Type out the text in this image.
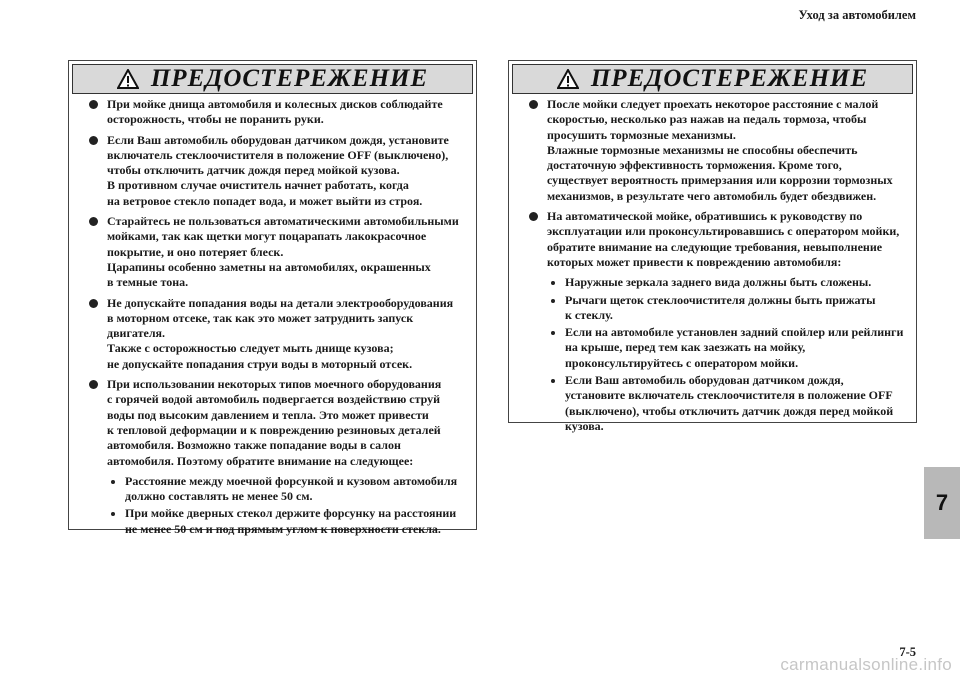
Уход за автомобилем
ПРЕДОСТЕРЕЖЕНИЕ
При мойке днища автомобиля и колесных дисков соблюдайте
осторожность, чтобы не поранить руки.
Если Ваш автомобиль оборудован датчиком дождя, установите
включатель стеклоочистителя в положение OFF (выключено),
чтобы отключить датчик дождя перед мойкой кузова.
В противном случае очиститель начнет работать, когда
на ветровое стекло попадет вода, и может выйти из строя.
Старайтесь не пользоваться автоматическими автомобильными
мойками, так как щетки могут поцарапать лакокрасочное
покрытие, и оно потеряет блеск.
Царапины особенно заметны на автомобилях, окрашенных
в темные тона.
Не допускайте попадания воды на детали электрооборудования
в моторном отсеке, так как это может затруднить запуск
двигателя.
Также с осторожностью следует мыть днище кузова;
не допускайте попадания струи воды в моторный отсек.
При использовании некоторых типов моечного оборудования
с горячей водой автомобиль подвергается воздействию струй
воды под высоким давлением и тепла. Это может привести
к тепловой деформации и к повреждению резиновых деталей
автомобиля. Возможно также попадание воды в салон
автомобиля. Поэтому обратите внимание на следующее:
Расстояние между моечной форсункой и кузовом автомобиля
должно составлять не менее 50 см.
При мойке дверных стекол держите форсунку на расстоянии
не менее 50 см и под прямым углом к поверхности стекла.
ПРЕДОСТЕРЕЖЕНИЕ
После мойки следует проехать некоторое расстояние с малой
скоростью, несколько раз нажав на педаль тормоза, чтобы
просушить тормозные механизмы.
Влажные тормозные механизмы не способны обеспечить
достаточную эффективность торможения. Кроме того,
существует вероятность примерзания или коррозии тормозных
механизмов, в результате чего автомобиль будет обездвижен.
На автоматической мойке, обратившись к руководству по
эксплуатации или проконсультировавшись с оператором мойки,
обратите внимание на следующие требования, невыполнение
которых может привести к повреждению автомобиля:
Наружные зеркала заднего вида должны быть сложены.
Рычаги щеток стеклоочистителя должны быть прижаты
к стеклу.
Если на автомобиле установлен задний спойлер или рейлинги
на крыше, перед тем как заезжать на мойку,
проконсультируйтесь с оператором мойки.
Если Ваш автомобиль оборудован датчиком дождя,
установите включатель стеклоочистителя в положение OFF
(выключено), чтобы отключить датчик дождя перед мойкой
кузова.
7
7-5
carmanualsonline.info
